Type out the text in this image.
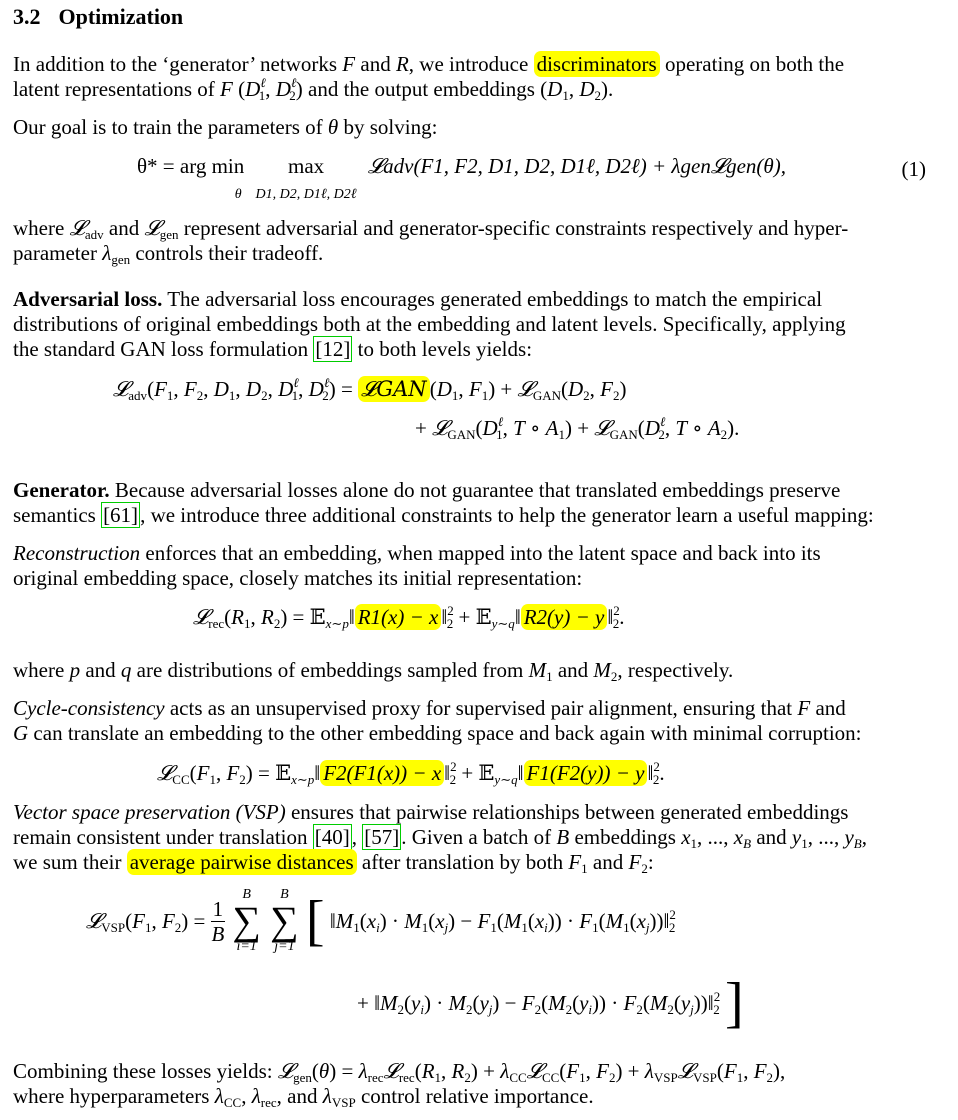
3.2 Optimization
In addition to the ‘generator’ networks F and R, we introduce discriminators operating on both the
latent representations of F ($D^\ell_1$, $D^\ell_2$) and the output embeddings ($D_1$, $D_2$).
Our goal is to train the parameters of θ by solving:
θ* = arg min
θ max
D1, D2, D1ℓ, D2ℓ 𝓛adv(F1, F2, D1, D2, D1ℓ, D2ℓ) + λgen𝓛gen(θ),	(1)
where 𝓛$_{adv}$ and 𝓛$_{gen}$ represent adversarial and generator-specific constraints respectively and hyper-
parameter $\lambda_{gen}$ controls their tradeoff.
Adversarial loss. The adversarial loss encourages generated embeddings to match the empirical
distributions of original embeddings both at the embedding and latent levels. Specifically, applying
the standard GAN loss formulation [12] to both levels yields:
$𝓛_{adv}(F_1$, $F_2$, $D_1$, $D_2$, $D^\ell_1$, $D^\ell_2$) = 𝓛GAN ($D_1$, $F_1$) + $𝓛_{GAN}(D_2$, $F_2$)
+ $𝓛_{GAN}(D^\ell_1$, T ∘ $A_1$) + $𝓛_{GAN}(D^\ell_2$, T ∘ $A_2$).
Generator. Because adversarial losses alone do not guarantee that translated embeddings preserve
semantics [61], we introduce three additional constraints to help the generator learn a useful mapping:
Reconstruction enforces that an embedding, when mapped into the latent space and back into its
original embedding space, closely matches its initial representation:
$𝓛_{rec}(R_1$, $R_2$) = 𝔼$_{x\sim p}$‖ R1(x) − x ‖$^2_2$ + 𝔼$_{y\sim q}$‖ R2(y) − y ‖$^2_2$.
where p and q are distributions of embeddings sampled from $M_1$ and $M_2$, respectively.
Cycle-consistency acts as an unsupervised proxy for supervised pair alignment, ensuring that F and
G can translate an embedding to the other embedding space and back again with minimal corruption:
$𝓛_{CC}(F_1$, $F_2$) = 𝔼$_{x\sim p}$‖ F2(F1(x)) − x ‖$^2_2$ + 𝔼$_{y\sim q}$‖ F1(F2(y)) − y ‖$^2_2$.
Vector space preservation (VSP) ensures that pairwise relationships between generated embeddings
remain consistent under translation [40], [57]. Given a batch of B embeddings $x_1$, ..., $x_B$ and $y_1$, ..., $y_B$,
we sum their average pairwise distances after translation by both $F_1$ and $F_2$:
$𝓛_{VSP}(F_1$, $F_2) = \frac{1}{B}$

B
∑
i=1

B
∑
j=1 [ $‖M_1(x_i) \cdot M_1(x_j) - F_1(M_1(x_i))$ · $F_1(M_1(x_j))‖^2_2$
+ $‖M_2(y_i) \cdot M_2(y_j) - F_2(M_2(y_i))$ · $F_2(M_2(y_j))‖^2_2$ ]
Combining these losses yields: 𝓛$_{gen}$(θ) = $\lambda_{rec}𝓛_{rec}(R_1$, $R_2$) + $\lambda_{CC}𝓛_{CC}(F_1$, $F_2$) + $\lambda_{VSP}𝓛_{VSP}(F_1$, $F_2$),
where hyperparameters $\lambda_{CC}$, $\lambda_{rec}$, and $\lambda_{VSP}$ control relative importance.
